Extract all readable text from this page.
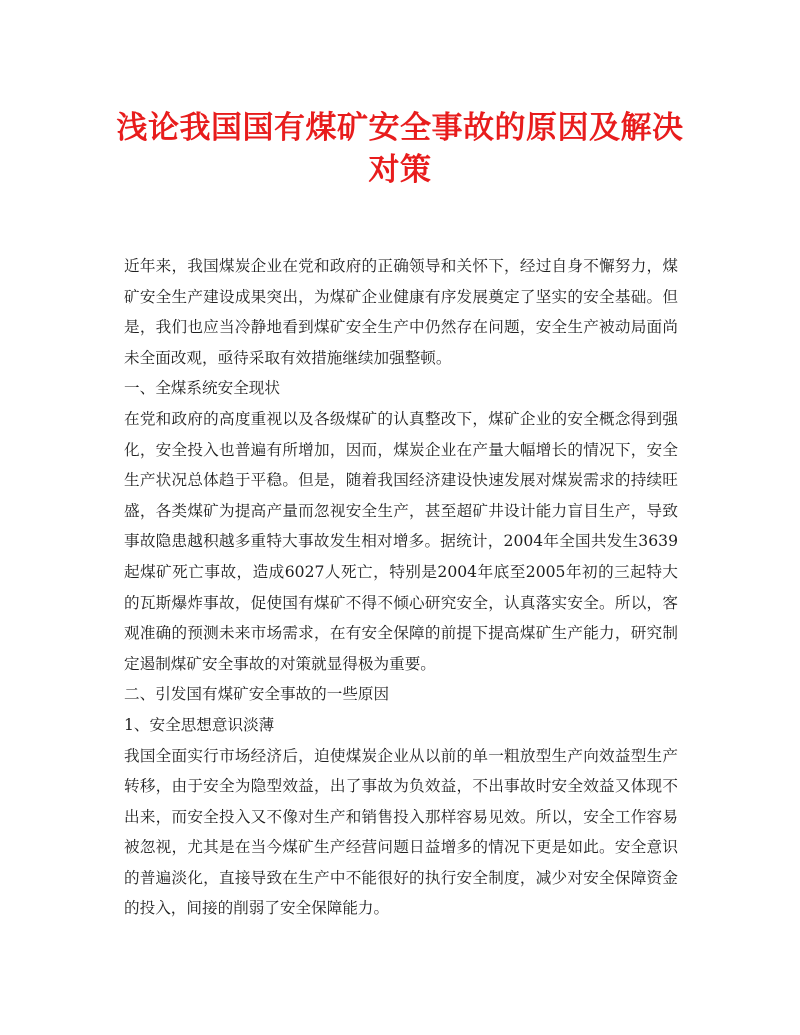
浅论我国国有煤矿安全事故的原因及解决对策

近年来，我国煤炭企业在党和政府的正确领导和关怀下，经过自身不懈努力，煤矿安全生产建设成果突出，为煤矿企业健康有序发展奠定了坚实的安全基础。但是，我们也应当冷静地看到煤矿安全生产中仍然存在问题，安全生产被动局面尚未全面改观，亟待采取有效措施继续加强整顿。

一、全煤系统安全现状

在党和政府的高度重视以及各级煤矿的认真整改下，煤矿企业的安全概念得到强化，安全投入也普遍有所增加，因而，煤炭企业在产量大幅增长的情况下，安全生产状况总体趋于平稳。但是，随着我国经济建设快速发展对煤炭需求的持续旺盛，各类煤矿为提高产量而忽视安全生产，甚至超矿井设计能力盲目生产，导致事故隐患越积越多重特大事故发生相对增多。据统计，2004年全国共发生3639起煤矿死亡事故，造成6027人死亡，特别是2004年底至2005年初的三起特大的瓦斯爆炸事故，促使国有煤矿不得不倾心研究安全，认真落实安全。所以，客观准确的预测未来市场需求，在有安全保障的前提下提高煤矿生产能力，研究制定遏制煤矿安全事故的对策就显得极为重要。

二、引发国有煤矿安全事故的一些原因

1、安全思想意识淡薄

我国全面实行市场经济后，迫使煤炭企业从以前的单一粗放型生产向效益型生产转移，由于安全为隐型效益，出了事故为负效益，不出事故时安全效益又体现不出来，而安全投入又不像对生产和销售投入那样容易见效。所以，安全工作容易被忽视，尤其是在当今煤矿生产经营问题日益增多的情况下更是如此。安全意识的普遍淡化，直接导致在生产中不能很好的执行安全制度，减少对安全保障资金的投入，间接的削弱了安全保障能力。
